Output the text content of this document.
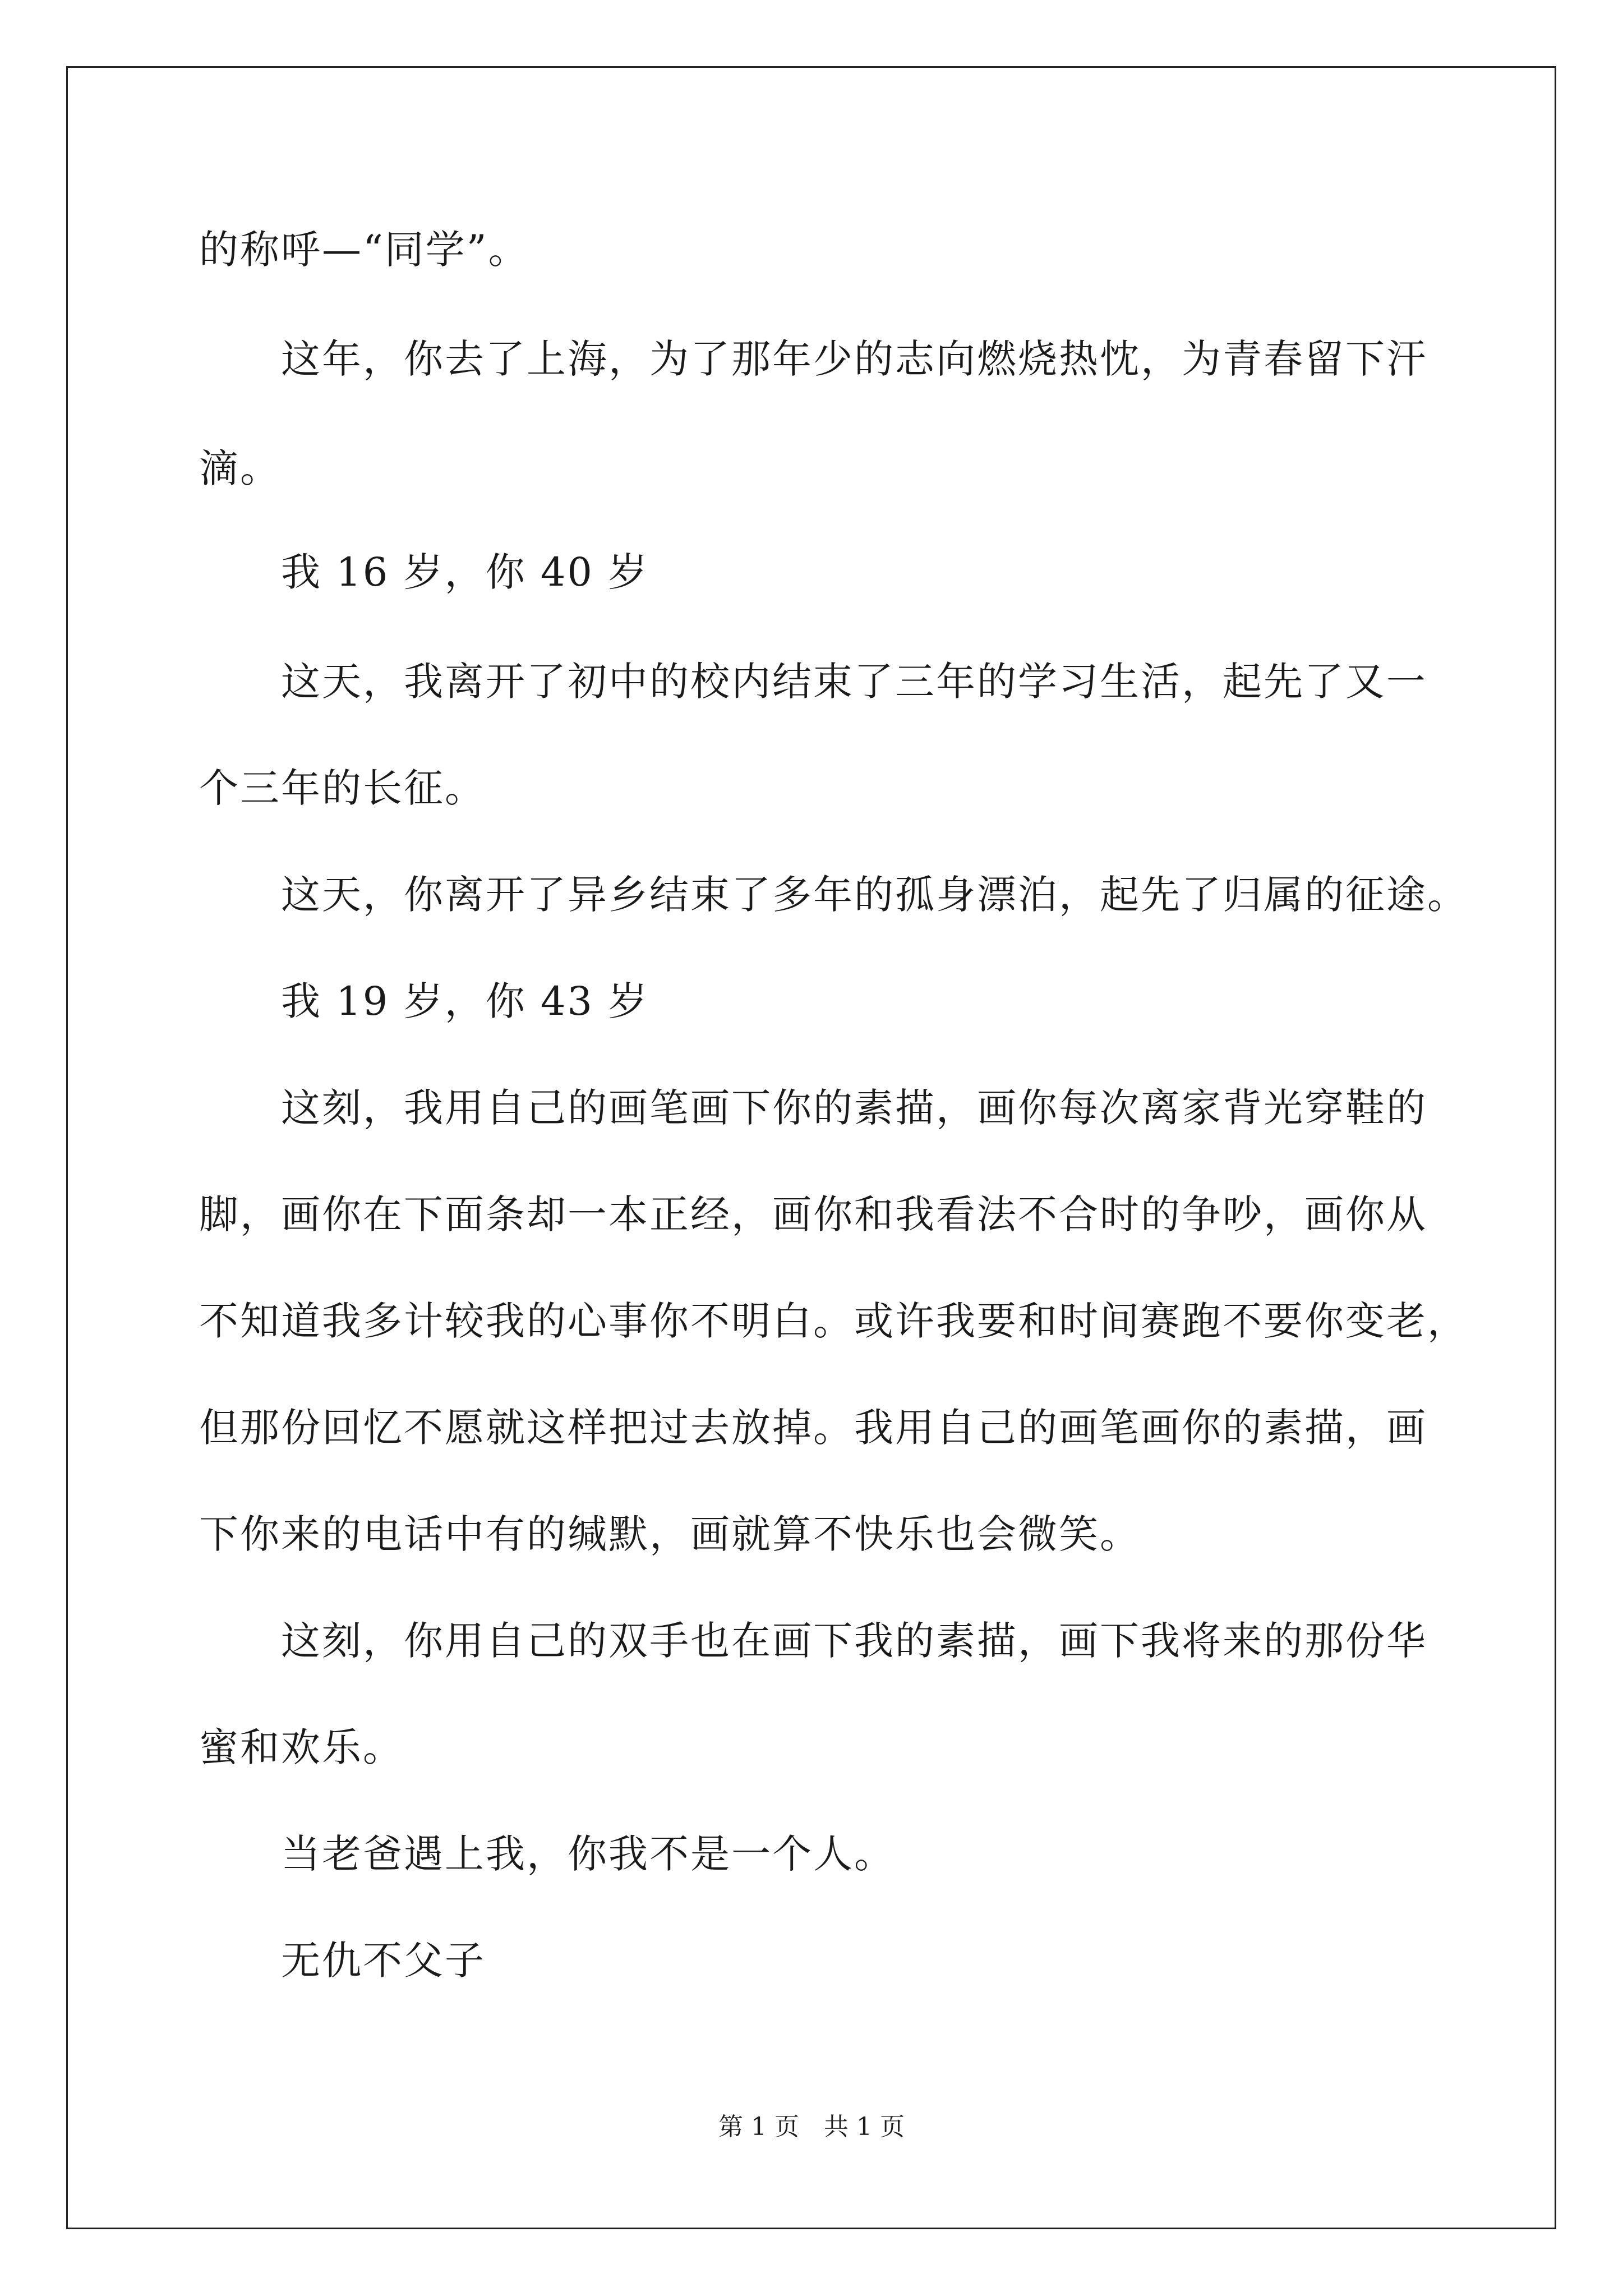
的称呼—“同学”。
　　这年，你去了上海，为了那年少的志向燃烧热忱，为青春留下汗
滴。
　　我 16 岁，你 40 岁
　　这天，我离开了初中的校内结束了三年的学习生活，起先了又一
个三年的长征。
　　这天，你离开了异乡结束了多年的孤身漂泊，起先了归属的征途。
　　我 19 岁，你 43 岁
　　这刻，我用自己的画笔画下你的素描，画你每次离家背光穿鞋的
脚，画你在下面条却一本正经，画你和我看法不合时的争吵，画你从
不知道我多计较我的心事你不明白。或许我要和时间赛跑不要你变老，
但那份回忆不愿就这样把过去放掉。我用自己的画笔画你的素描，画
下你来的电话中有的缄默，画就算不快乐也会微笑。
　　这刻，你用自己的双手也在画下我的素描，画下我将来的那份华
蜜和欢乐。
　　当老爸遇上我，你我不是一个人。
　　无仇不父子
第 1 页　共 1 页
